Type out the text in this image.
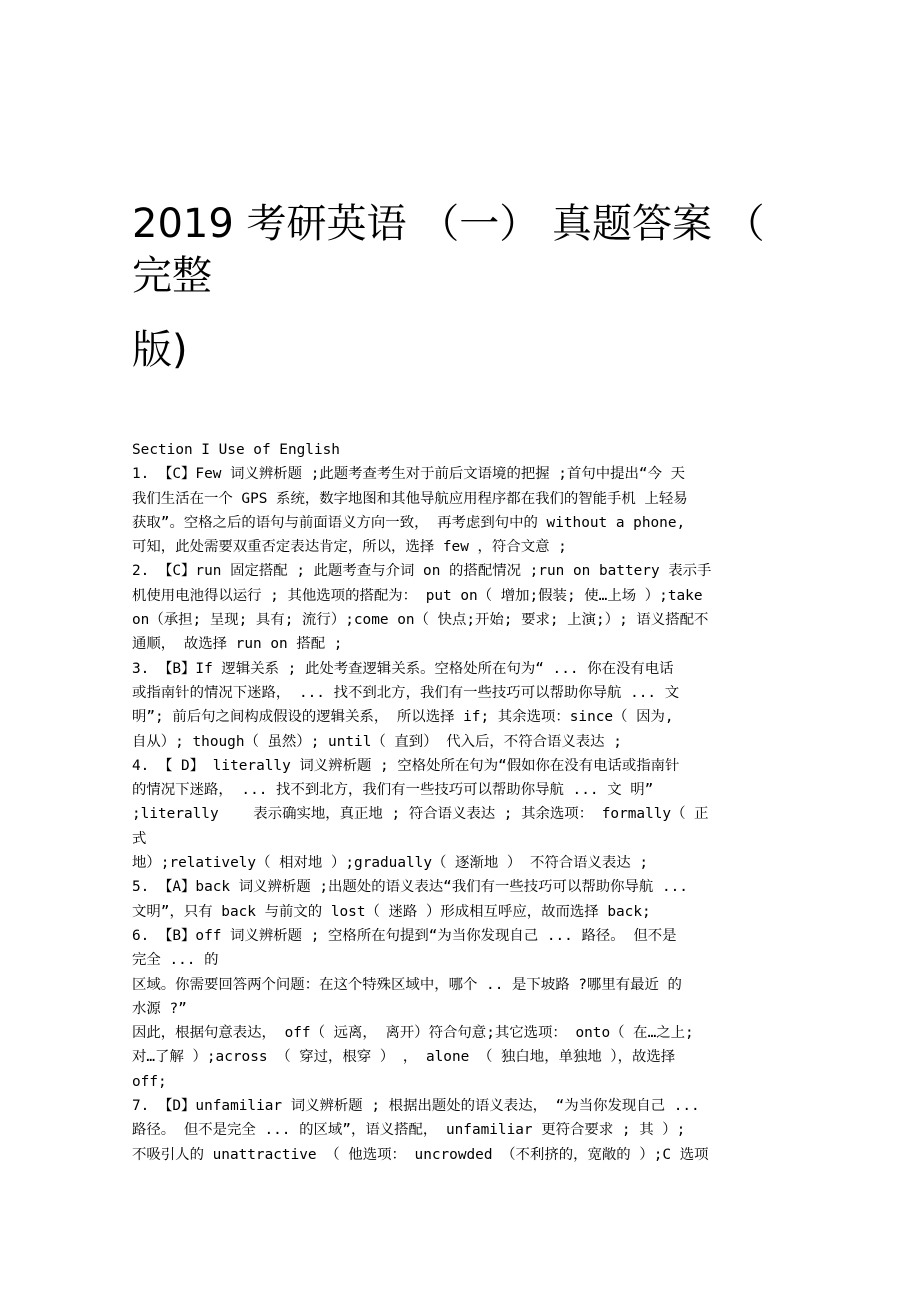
2019 考研英语 （一） 真题答案 （
完整
版)
Section I Use of English
1. 【C】Few 词义辨析题 ;此题考查考生对于前后文语境的把握 ;首句中提出“今 天
我们生活在一个 GPS 系统，数字地图和其他导航应用程序都在我们的智能手机 上轻易
获取”。空格之后的语句与前面语义方向一致， 再考虑到句中的 without a phone,
可知，此处需要双重否定表达肯定，所以，选择 few ，符合文意 ;
2. 【C】run 固定搭配 ; 此题考查与介词 on 的搭配情况 ;run on battery 表示手
机使用电池得以运行 ; 其他选项的搭配为： put on（ 增加;假装; 使…上场 ）;take
on（承担; 呈现; 具有; 流行）;come on（ 快点;开始; 要求; 上演;）; 语义搭配不
通顺， 故选择 run on 搭配 ;
3. 【B】If 逻辑关系 ; 此处考查逻辑关系。空格处所在句为“ ... 你在没有电话
或指南针的情况下迷路， ... 找不到北方，我们有一些技巧可以帮助你导航 ... 文
明”; 前后句之间构成假设的逻辑关系， 所以选择 if; 其余选项：since（ 因为,
自从）; though（ 虽然）; until（ 直到） 代入后，不符合语义表达 ;
4. 【 D】 literally 词义辨析题 ; 空格处所在句为“假如你在没有电话或指南针
的情况下迷路， ... 找不到北方，我们有一些技巧可以帮助你导航 ... 文 明”
;literally    表示确实地，真正地 ; 符合语义表达 ; 其余选项： formally（ 正
式
地）;relatively（ 相对地 ）;gradually（ 逐渐地 ） 不符合语义表达 ;
5. 【A】back 词义辨析题 ;出题处的语义表达“我们有一些技巧可以帮助你导航 ...
文明”，只有 back 与前文的 lost（ 迷路 ）形成相互呼应，故而选择 back;
6. 【B】off 词义辨析题 ; 空格所在句提到“为当你发现自己 ... 路径。 但不是
完全 ... 的
区域。你需要回答两个问题：在这个特殊区域中，哪个 .. 是下坡路 ?哪里有最近 的
水源 ?”
因此，根据句意表达， off（ 远离， 离开）符合句意;其它选项： onto（ 在…之上;
对…了解 ）;across （ 穿过，根穿 ） ， alone （ 独白地，单独地 ），故选择
off;
7. 【D】unfamiliar 词义辨析题 ; 根据出题处的语义表达， “为当你发现自己 ...
路径。 但不是完全 ... 的区域”，语义搭配， unfamiliar 更符合要求 ; 其 ）;
不吸引人的 unattractive （ 他选项： uncrowded （不利挤的，宽敞的 ）;C 选项
